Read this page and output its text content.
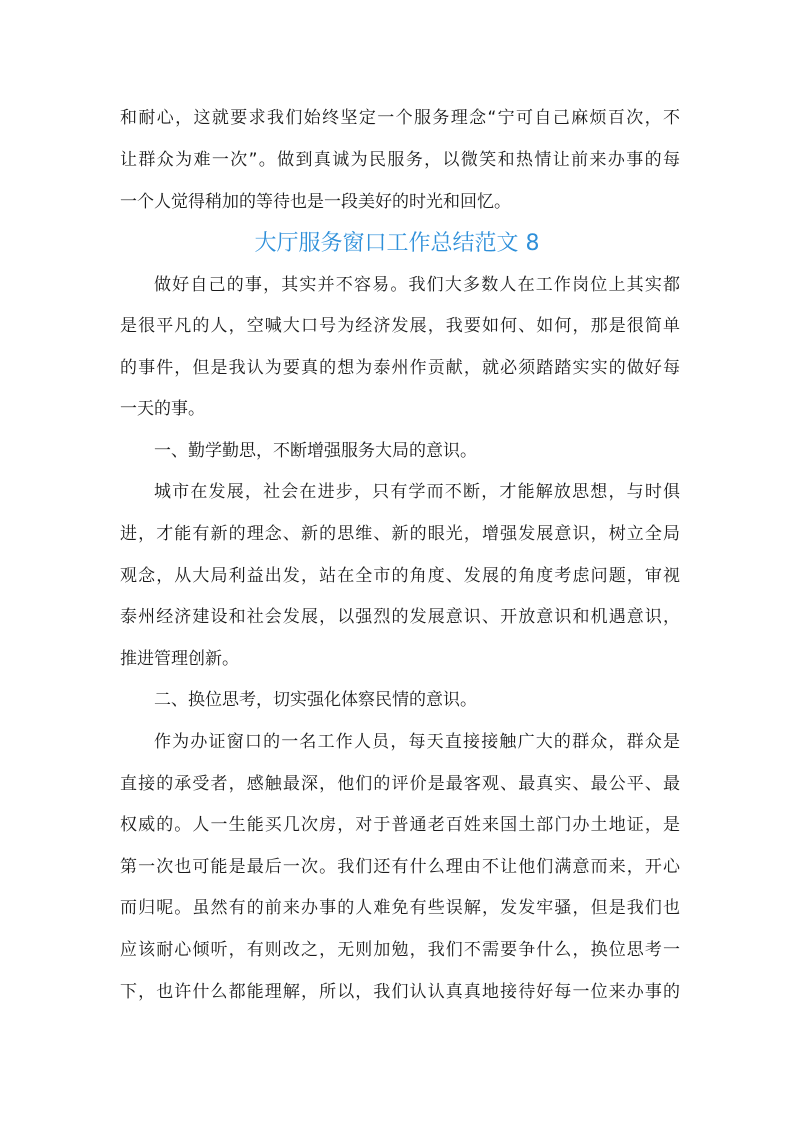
和耐心，这就要求我们始终坚定一个服务理念“宁可自己麻烦百次，不
让群众为难一次”。做到真诚为民服务，以微笑和热情让前来办事的每
一个人觉得稍加的等待也是一段美好的时光和回忆。
大厅服务窗口工作总结范文 8
做好自己的事，其实并不容易。我们大多数人在工作岗位上其实都
是很平凡的人，空喊大口号为经济发展，我要如何、如何，那是很简单
的事件，但是我认为要真的想为泰州作贡献，就必须踏踏实实的做好每
一天的事。
一、勤学勤思，不断增强服务大局的意识。
城市在发展，社会在进步，只有学而不断，才能解放思想，与时俱
进，才能有新的理念、新的思维、新的眼光，增强发展意识，树立全局
观念，从大局利益出发，站在全市的角度、发展的角度考虑问题，审视
泰州经济建设和社会发展，以强烈的发展意识、开放意识和机遇意识，
推进管理创新。
二、换位思考，切实强化体察民情的意识。
作为办证窗口的一名工作人员，每天直接接触广大的群众，群众是
直接的承受者，感触最深，他们的评价是最客观、最真实、最公平、最
权威的。人一生能买几次房，对于普通老百姓来国土部门办土地证，是
第一次也可能是最后一次。我们还有什么理由不让他们满意而来，开心
而归呢。虽然有的前来办事的人难免有些误解，发发牢骚，但是我们也
应该耐心倾听，有则改之，无则加勉，我们不需要争什么，换位思考一
下，也许什么都能理解，所以，我们认认真真地接待好每一位来办事的
